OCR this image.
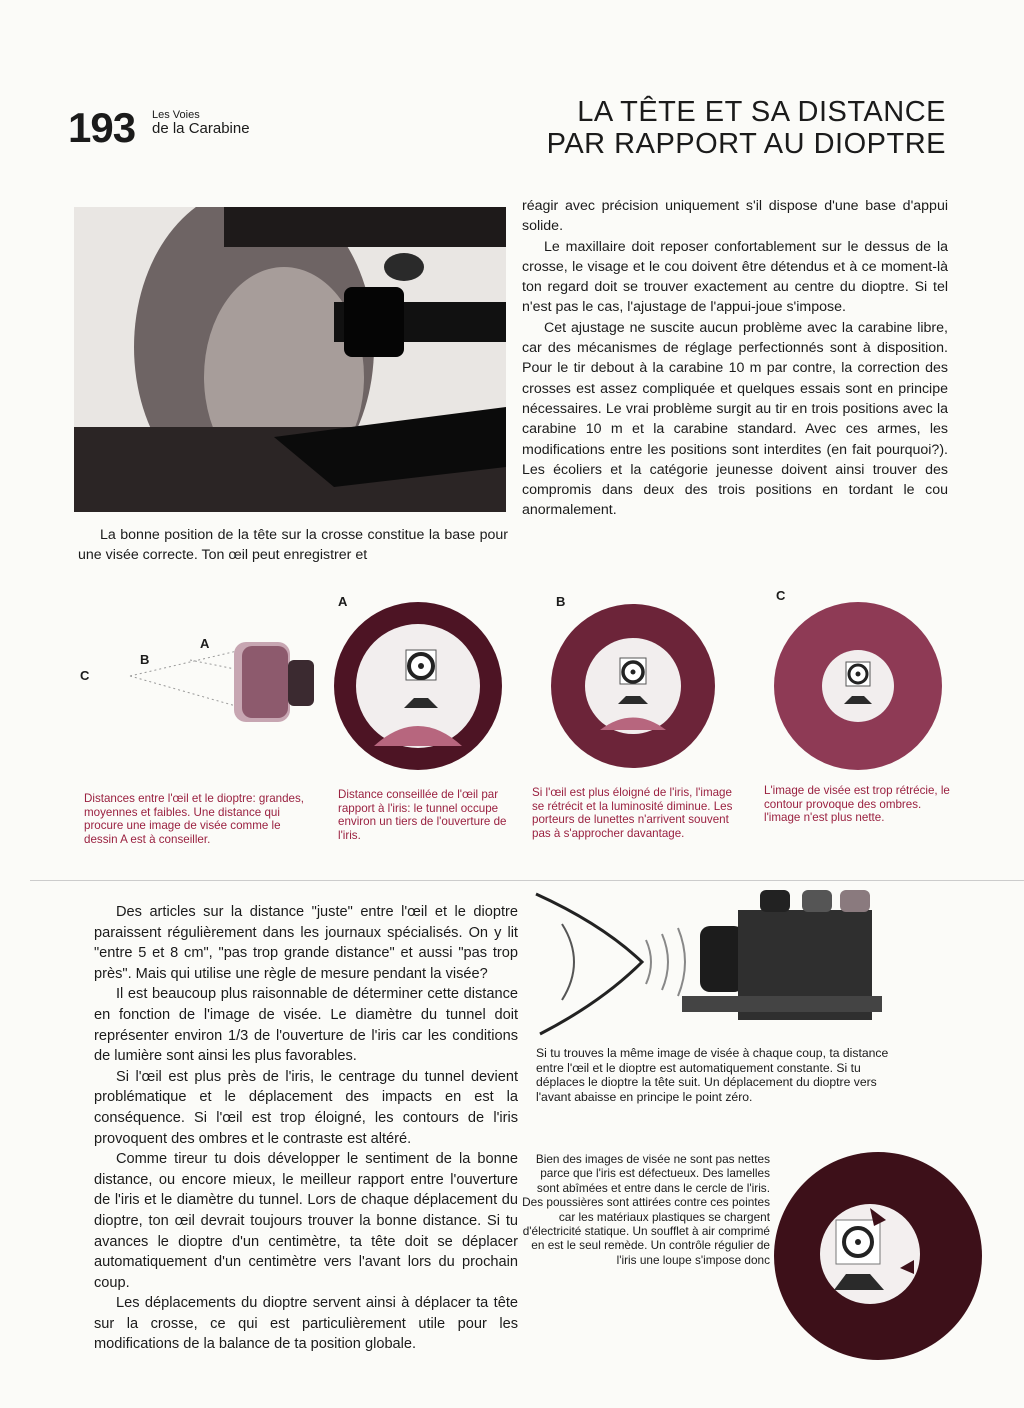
193 Les Voies
de la Carabine
LA TÊTE ET SA DISTANCE
PAR RAPPORT AU DIOPTRE
La bonne position de la tête sur la crosse constitue la base pour une visée correcte. Ton œil peut enregistrer et

réagir avec précision uniquement s'il dispose d'une base d'appui solide.

Le maxillaire doit reposer confortablement sur le dessus de la crosse, le visage et le cou doivent être détendus et à ce moment-là ton regard doit se trouver exactement au centre du dioptre. Si tel n'est pas le cas, l'ajustage de l'appui-joue s'impose.

Cet ajustage ne suscite aucun problème avec la carabine libre, car des mécanismes de réglage perfectionnés sont à disposition. Pour le tir debout à la carabine 10 m par contre, la correction des crosses est assez compliquée et quelques essais sont en principe nécessaires. Le vrai problème surgit au tir en trois positions avec la carabine 10 m et la carabine standard. Avec ces armes, les modifications entre les positions sont interdites (en fait pourquoi?). Les écoliers et la catégorie jeunesse doivent ainsi trouver des compromis dans deux des trois positions en tordant le cou anormalement.

C
B
A
A	B	C
Distances entre l'œil et le dioptre: grandes, moyennes et faibles. Une distance qui procure une image de visée comme le dessin A est à conseiller.
Distance conseillée de l'œil par rapport à l'iris: le tunnel occupe environ un tiers de l'ouverture de l'iris.
Si l'œil est plus éloigné de l'iris, l'image se rétrécit et la luminosité diminue. Les porteurs de lunettes n'arrivent souvent pas à s'approcher davantage.
L'image de visée est trop rétrécie, le contour provoque des ombres. l'image n'est plus nette.

Des articles sur la distance "juste" entre l'œil et le dioptre paraissent régulièrement dans les journaux spécialisés. On y lit "entre 5 et 8 cm", "pas trop grande distance" et aussi "pas trop près". Mais qui utilise une règle de mesure pendant la visée?

Il est beaucoup plus raisonnable de déterminer cette distance en fonction de l'image de visée. Le diamètre du tunnel doit représenter environ 1/3 de l'ouverture de l'iris car les conditions de lumière sont ainsi les plus favorables.

Si l'œil est plus près de l'iris, le centrage du tunnel devient problématique et le déplacement des impacts en est la conséquence. Si l'œil est trop éloigné, les contours de l'iris provoquent des ombres et le contraste est altéré.

Comme tireur tu dois développer le sentiment de la bonne distance, ou encore mieux, le meilleur rapport entre l'ouverture de l'iris et le diamètre du tunnel. Lors de chaque déplacement du dioptre, ton œil devrait toujours trouver la bonne distance. Si tu avances le dioptre d'un centimètre, ta tête doit se déplacer automatiquement d'un centimètre vers l'avant lors du prochain coup.

Les déplacements du dioptre servent ainsi à déplacer ta tête sur la crosse, ce qui est particulièrement utile pour les modifications de la balance de ta position globale.

Si tu trouves la même image de visée à chaque coup, ta distance entre l'œil et le dioptre est automatiquement constante. Si tu déplaces le dioptre la tête suit. Un déplacement du dioptre vers l'avant abaisse en principe le point zéro.
Bien des images de visée ne sont pas nettes parce que l'iris est défectueux. Des lamelles sont abîmées et entre dans le cercle de l'iris. Des poussières sont attirées contre ces pointes car les matériaux plastiques se chargent d'électricité statique. Un soufflet à air comprimé en est le seul remède. Un contrôle régulier de l'iris une loupe s'impose donc
